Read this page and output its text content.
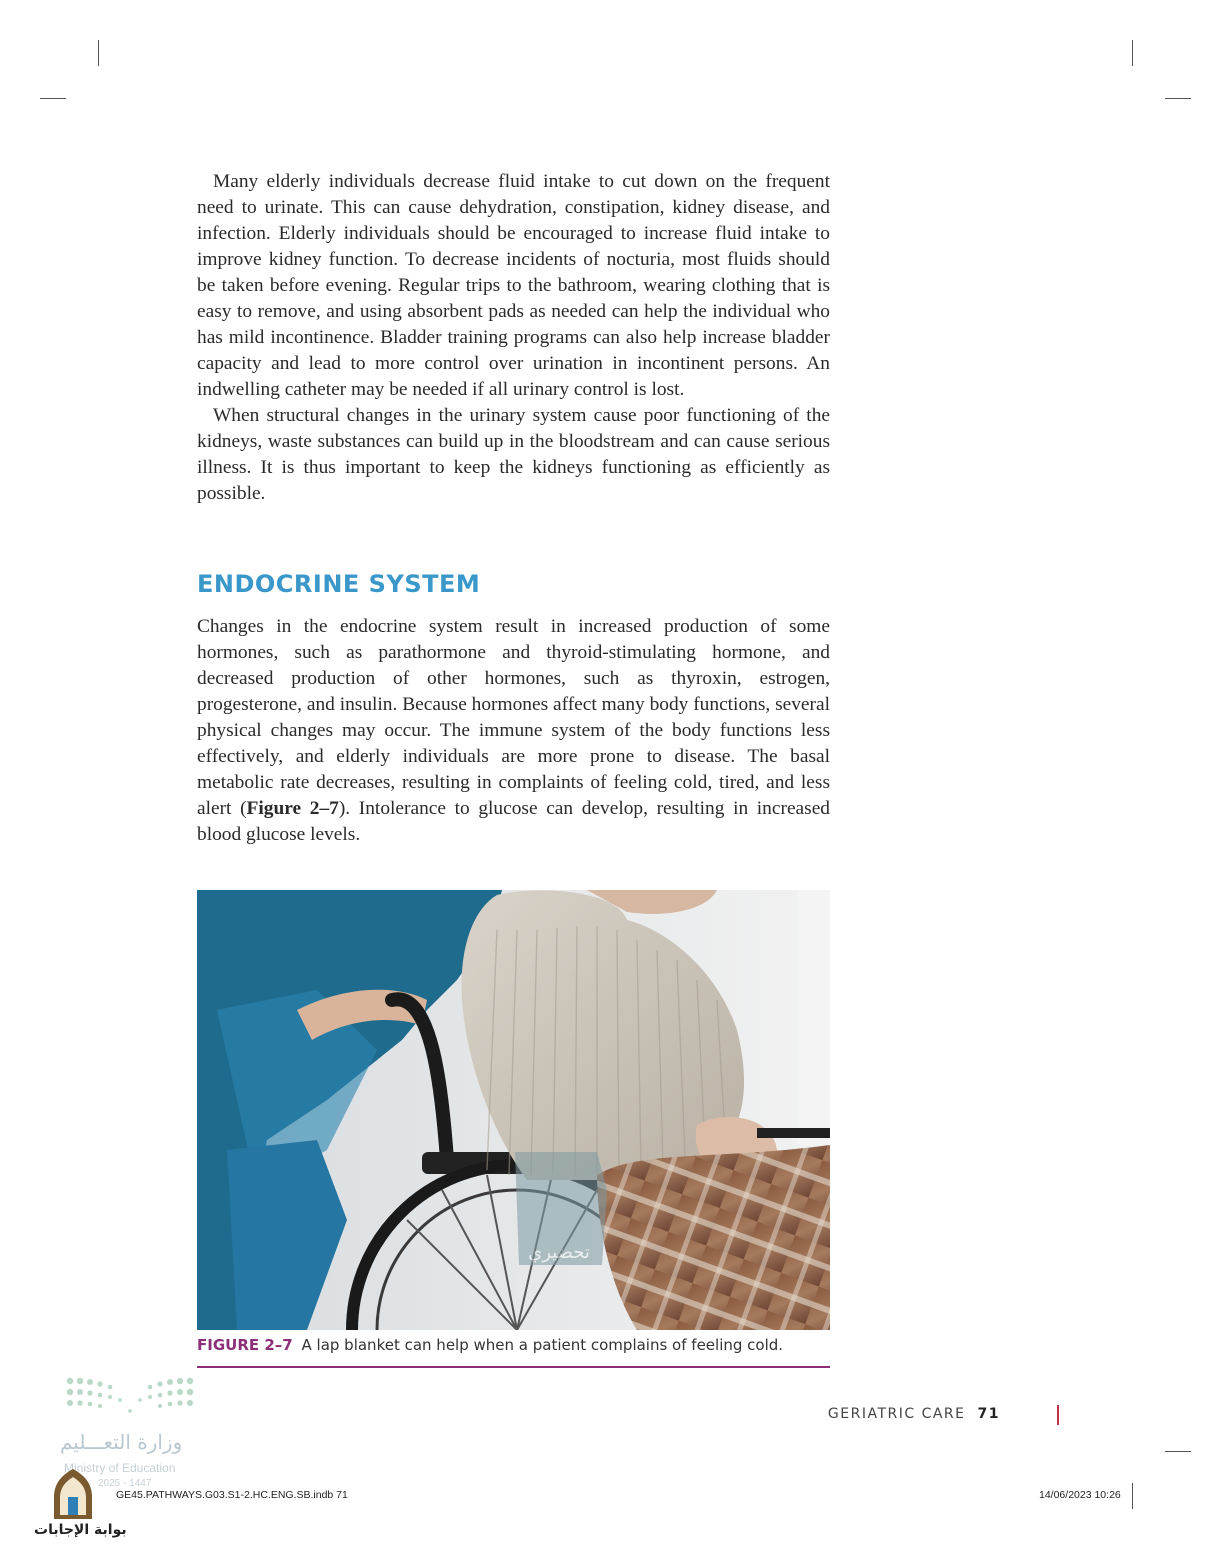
Many elderly individuals decrease fluid intake to cut down on the frequent need to urinate. This can cause dehydration, constipation, kidney disease, and infection. Elderly individuals should be encouraged to increase fluid intake to improve kidney function. To decrease incidents of nocturia, most fluids should be taken before evening. Regular trips to the bathroom, wearing clothing that is easy to remove, and using absorbent pads as needed can help the individual who has mild incontinence. Bladder training programs can also help increase bladder capacity and lead to more control over urination in incontinent persons. An indwelling catheter may be needed if all urinary control is lost.

When structural changes in the urinary system cause poor functioning of the kidneys, waste substances can build up in the bloodstream and can cause serious illness. It is thus important to keep the kidneys functioning as efficiently as possible.

ENDOCRINE SYSTEM

Changes in the endocrine system result in increased production of some hormones, such as parathormone and thyroid-stimulating hormone, and decreased production of other hormones, such as thyroxin, estrogen, progesterone, and insulin. Because hormones affect many body functions, several physical changes may occur. The immune system of the body functions less effectively, and elderly individuals are more prone to disease. The basal metabolic rate decreases, resulting in complaints of feeling cold, tired, and less alert (Figure 2–7). Intolerance to glucose can develop, resulting in increased blood glucose levels.

تحضيري
FIGURE 2–7 A lap blanket can help when a patient complains of feeling cold.
وزارة التعـــليم
Ministry of Education
2025 - 1447
بوابة الإجابات
GERIATRIC CARE 71
GE45.PATHWAYS.G03.S1-2.HC.ENG.SB.indb 71	14/06/2023 10:26
